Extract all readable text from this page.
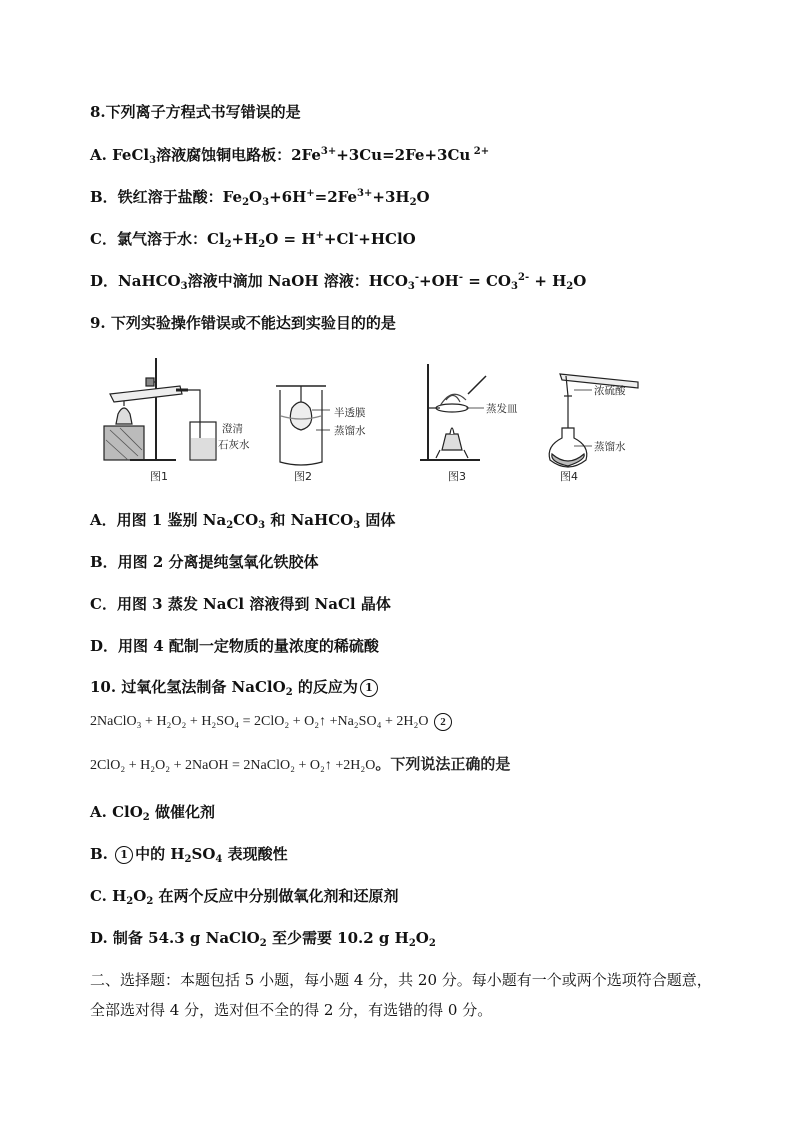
8.下列离子方程式书写错误的是
A. FeCl$_3$溶液腐蚀铜电路板：$2Fe^{3+}+3Cu=2Fe+3Cu$ $^{2+}$
B．铁红溶于盐酸：$Fe_2O_3+6H^+=2Fe^{3+}+3H_2O$
C．氯气溶于水：$Cl_2+H_2O$ = H++Cl-+HClO
D．NaHCO$_3$溶液中滴加 NaOH 溶液：$HCO_3^-+OH^- = CO_3^{2-} + H_2O$
9. 下列实验操作错误或不能达到实验目的的是
澄清
石灰水
图1
半透膜
蒸馏水
图2
蒸发皿
图3
浓硫酸
蒸馏水
图4
A．用图 1 鉴别 $Na_2CO_3$ 和 NaHCO$_3$ 固体
B．用图 2 分离提纯氢氧化铁胶体
C．用图 3 蒸发 NaCl 溶液得到 NaCl 晶体
D．用图 4 配制一定物质的量浓度的稀硫酸
10. 过氧化氢法制备 NaClO$_2$ 的反应为 1
2NaClO₃ + H₂O₂ + H₂SO₄ = 2ClO₂ + O₂↑ +Na₂SO₄ + 2H₂O 2
2ClO₂ + H₂O₂ + 2NaOH = 2NaClO₂ + O₂↑ +2H₂O。下列说法正确的是
A. ClO$_2$ 做催化剂
B. 1 中的 $H_2SO_4$ 表现酸性
C. $H_2O_2$ 在两个反应中分别做氧化剂和还原剂
D. 制备 54.3 g NaClO$_2$ 至少需要 10.2 g $H_2O_2$
二、选择题：本题包括 5 小题，每小题 4 分，共 20 分。每小题有一个或两个选项符合题意，全部选对得 4 分，选对但不全的得 2 分，有选错的得 0 分。
